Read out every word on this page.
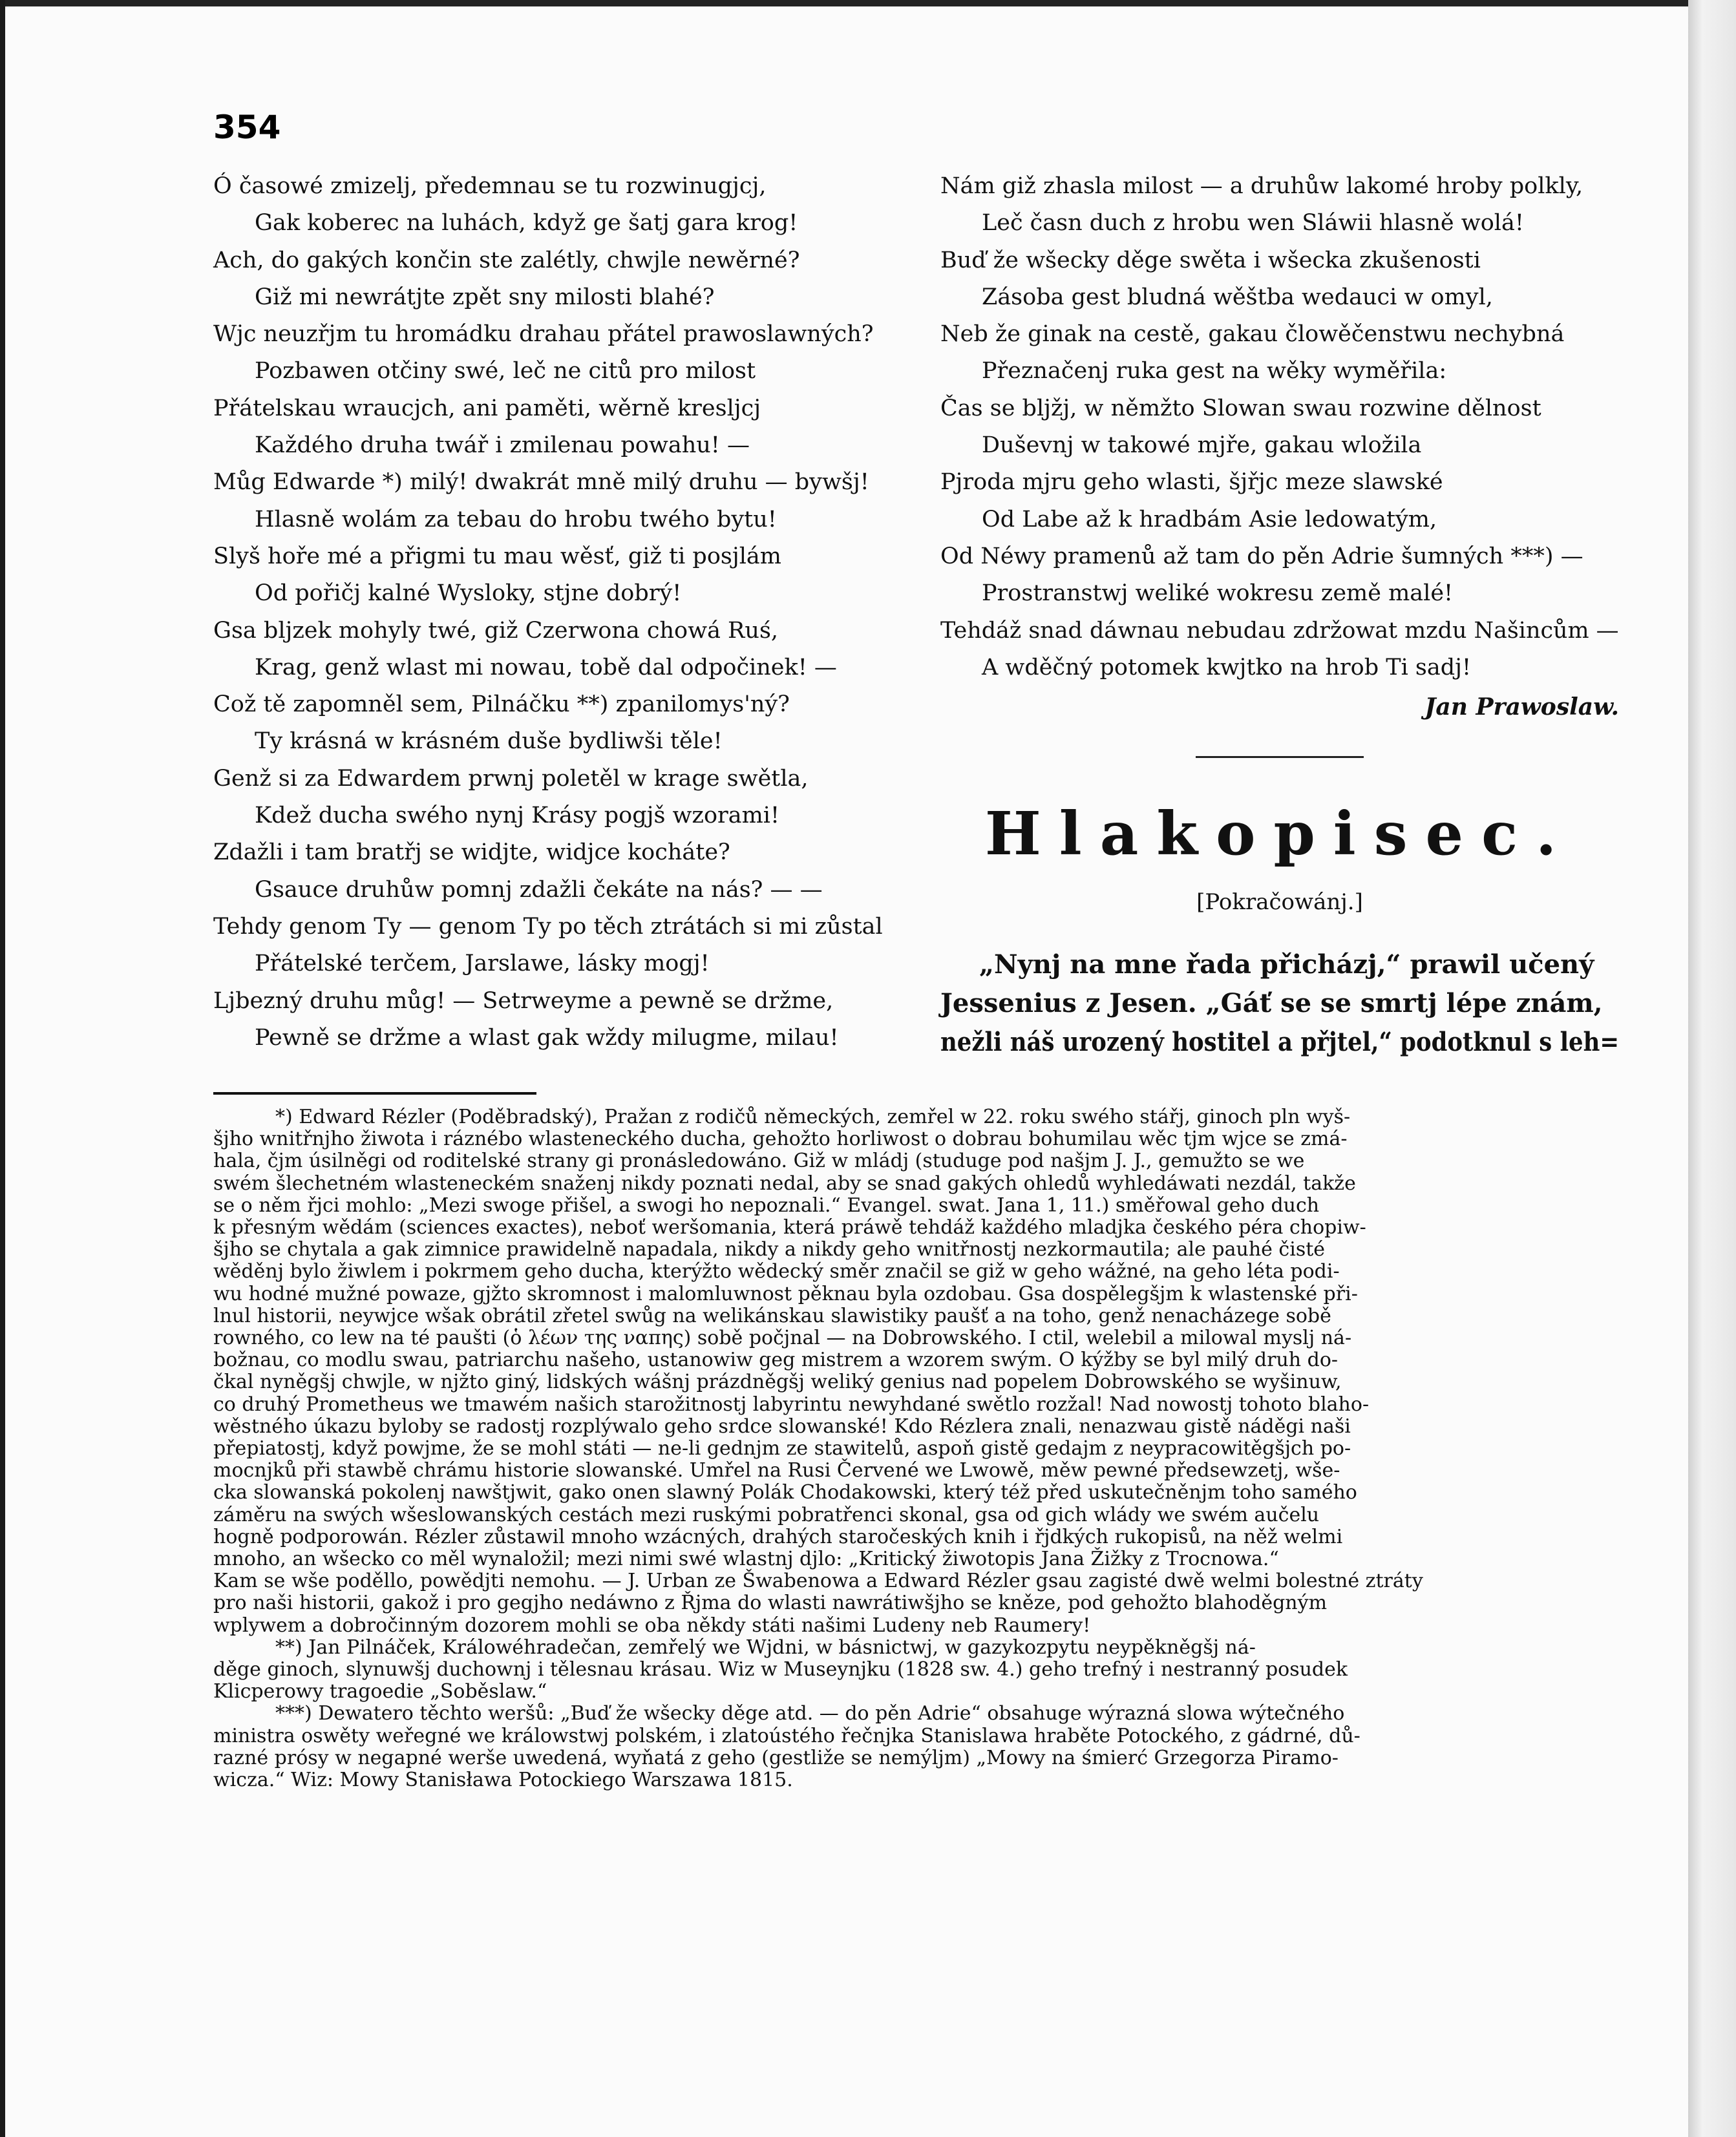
354
Ó časowé zmizelj, předemnau se tu rozwinugjcj,
Gak koberec na luhách, když ge šatj gara krog!
Ach, do gakých končin ste zalétly, chwjle newěrné?
Giž mi newrátjte zpět sny milosti blahé?
Wjc neuzřjm tu hromádku drahau přátel prawoslawných?
Pozbawen otčiny swé, leč ne citů pro milost
Přátelskau wraucjch, ani paměti, wěrně kresljcj
Každého druha twář i zmilenau powahu! —
Můg Edwarde *) milý! dwakrát mně milý druhu — bywšj!
Hlasně wolám za tebau do hrobu twého bytu!
Slyš hoře mé a přigmi tu mau wěsť, giž ti posjlám
Od pořičj kalné Wysloky, stjne dobrý!
Gsa bljzek mohyly twé, giž Czerwona chowá Ruś,
Krag, genž wlast mi nowau, tobě dal odpočinek! —
Což tě zapomněl sem, Pilnáčku **) zpanilomys'ný?
Ty krásná w krásném duše bydliwši těle!
Genž si za Edwardem prwnj poletěl w krage swětla,
Kdež ducha swého nynj Krásy pogjš wzorami!
Zdažli i tam bratřj se widjte, widjce kocháte?
Gsauce druhůw pomnj zdažli čekáte na nás? — —
Tehdy genom Ty — genom Ty po těch ztrátách si mi zůstal
Přátelské terčem, Jarslawe, lásky mogj!
Ljbezný druhu můg! — Setrweyme a pewně se držme,
Pewně se držme a wlast gak wždy milugme, milau!
Nám giž zhasla milost — a druhůw lakomé hroby polkly,
Leč časn duch z hrobu wen Sláwii hlasně wolá!
Buď že wšecky děge swěta i wšecka zkušenosti
Zásoba gest bludná wěštba wedauci w omyl,
Neb že ginak na cestě, gakau člowěčenstwu nechybná
Přeznačenj ruka gest na wěky wyměřila:
Čas se bljžj, w němžto Slowan swau rozwine dělnost
Duševnj w takowé mjře, gakau wložila
Pjroda mjru geho wlasti, šjřjc meze slawské
Od Labe až k hradbám Asie ledowatým,
Od Néwy pramenů až tam do pěn Adrie šumných ***) —
Prostranstwj weliké wokresu země malé!
Tehdáž snad dáwnau nebudau zdržowat mzdu Našincům —
A wděčný potomek kwjtko na hrob Ti sadj!
Jan Prawoslaw.
Hlakopisec.
[Pokračowánj.]
„Nynj na mne řada přicházj,“ prawil učený
Jessenius z Jesen. „Gáť se se smrtj lépe znám,
nežli náš urozený hostitel a přjtel,“ podotknul s leh=
*) Edward Rézler (Poděbradský), Pražan z rodičů německých, zemřel w 22. roku swého stářj, ginoch pln wyš-
šjho wnitřnjho žiwota i ráznébo wlasteneckého ducha, gehožto horliwost o dobrau bohumilau wěc tjm wjce se zmá-
hala, čjm úsilněgi od roditelské strany gi pronásledowáno. Giž w mládj (studuge pod našjm J. J., gemužto se we
swém šlechetném wlasteneckém snaženj nikdy poznati nedal, aby se snad gakých ohledů wyhledáwati nezdál, takže
se o něm řjci mohlo: „Mezi swoge přišel, a swogi ho nepoznali.“ Evangel. swat. Jana 1, 11.) směřowal geho duch
k přesným wědám (sciences exactes), neboť weršomania, která práwě tehdáž každého mladjka českého péra chopiw-
šjho se chytala a gak zimnice prawidelně napadala, nikdy a nikdy geho wnitřnostj nezkormautila; ale pauhé čisté
wěděnj bylo žiwlem i pokrmem geho ducha, kterýžto wědecký směr značil se giž w geho wážné, na geho léta podi-
wu hodné mužné powaze, gjžto skromnost i malomluwnost pěknau byla ozdobau. Gsa dospělegšjm k wlastenské při-
lnul historii, neywjce wšak obrátil zřetel swůg na welikánskau slawistiky paušť a na toho, genž nenacházege sobě
rowného, co lew na té paušti (ὁ λέων της ναπης) sobě počjnal — na Dobrowského. I ctil, welebil a milowal myslj ná-
božnau, co modlu swau, patriarchu našeho, ustanowiw geg mistrem a wzorem swým. O kýžby se byl milý druh do-
čkal nyněgšj chwjle, w njžto giný, lidských wášnj prázdněgšj weliký genius nad popelem Dobrowského se wyšinuw,
co druhý Prometheus we tmawém našich starožitnostj labyrintu newyhdané swětlo rozžal! Nad nowostj tohoto blaho-
wěstného úkazu byloby se radostj rozplýwalo geho srdce slowanské! Kdo Rézlera znali, nenazwau gistě náděgi naši
přepiatostj, když powjme, že se mohl státi — ne-li gednjm ze stawitelů, aspoň gistě gedajm z neypracowitěgšjch po-
mocnjků při stawbě chrámu historie slowanské. Umřel na Rusi Červené we Lwowě, měw pewné předsewzetj, wše-
cka slowanská pokolenj nawštjwit, gako onen slawný Polák Chodakowski, který též před uskutečněnjm toho samého
záměru na swých wšeslowanských cestách mezi ruskými pobratřenci skonal, gsa od gich wlády we swém aučelu
hogně podporowán. Rézler zůstawil mnoho wzácných, drahých staročeských knih i řjdkých rukopisů, na něž welmi
mnoho, an wšecko co měl wynaložil; mezi nimi swé wlastnj djlo: „Kritický žiwotopis Jana Žižky z Trocnowa.“
Kam se wše poděllo, powědjti nemohu. — J. Urban ze Šwabenowa a Edward Rézler gsau zagisté dwě welmi bolestné ztráty
pro naši historii, gakož i pro gegjho nedáwno z Řjma do wlasti nawrátiwšjho se kněze, pod gehožto blahoděgným
wplywem a dobročinným dozorem mohli se oba někdy státi našimi Ludeny neb Raumery!
**) Jan Pilnáček, Králowéhradečan, zemřelý we Wjdni, w básnictwj, w gazykozpytu neypěkněgšj ná-
děge ginoch, slynuwšj duchownj i tělesnau krásau. Wiz w Museynjku (1828 sw. 4.) geho trefný i nestranný posudek
Klicperowy tragoedie „Soběslaw.“
***) Dewatero těchto weršů: „Buď že wšecky děge atd. — do pěn Adrie“ obsahuge wýrazná slowa wýtečného
ministra oswěty weřegné we králowstwj polském, i zlatoústého řečnjka Stanislawa hraběte Potockého, z gádrné, dů-
razné prósy w negapné werše uwedená, wyňatá z geho (gestliže se nemýljm) „Mowy na śmierć Grzegorza Piramo-
wicza.“ Wiz: Mowy Stanisława Potockiego Warszawa 1815.
